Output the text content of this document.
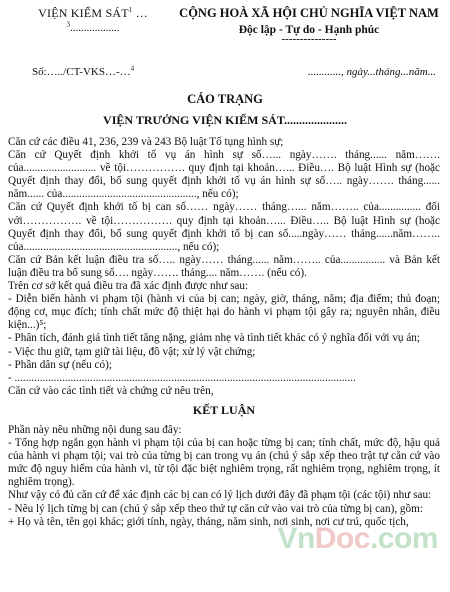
VIỆN KIỂM SÁT$^1$ …
$^3$..................
CỘNG HOÀ XÃ HỘI CHỦ NGHĨA VIỆT NAM
Độc lập - Tự do - Hạnh phúc
---------------
Số:…../CT-VKS…-…$^4$	............, ngày...tháng...năm...
CÁO TRẠNG
VIỆN TRƯỞNG VIỆN KIỂM SÁT.....................

Căn cứ các điều 41, 236, 239 và 243 Bộ luật Tố tụng hình sự;

Căn cứ Quyết định khởi tố vụ án hình sự số…... ngày……. tháng...... năm……. của.......................... về tội……………. quy định tại khoản…... Điều…. Bộ luật Hình sự (hoặc Quyết định thay đổi, bổ sung quyết định khởi tố vụ án hình sự số….. ngày……. tháng...... năm...... của................................................, nếu có);

Căn cứ Quyết định khởi tố bị can số…… ngày…… tháng…... năm…….. của............... đối với……………. về tội……………. quy định tại khoản…... Điều….. Bộ luật Hình sự (hoặc Quyết định thay đổi, bổ sung quyết định khởi tố bị can số.....ngày…… tháng......năm…….. của......................................................., nếu có);

Căn cứ Bản kết luận điều tra số….. ngày…… tháng...... năm…….. của................ và Bản kết luận điều tra bổ sung số…. ngày……. tháng.... năm……. (nếu có).

Trên cơ sở kết quả điều tra đã xác định được như sau:

- Diễn biến hành vi phạm tội (hành vi của bị can; ngày, giờ, tháng, năm; địa điểm; thủ đoạn; động cơ, mục đích; tính chất mức độ thiệt hại do hành vi phạm tội gây ra; nguyên nhân, điều kiện...)⁵;

- Phân tích, đánh giá tình tiết tăng nặng, giảm nhẹ và tình tiết khác có ý nghĩa đối với vụ án;

- Việc thu giữ, tạm giữ tài liệu, đồ vật; xử lý vật chứng;

- Phần dân sự (nếu có);

- ..........................................................................................................................

Căn cứ vào các tình tiết và chứng cứ nêu trên,

KẾT LUẬN

Phần này nêu những nội dung sau đây:

- Tổng hợp ngắn gọn hành vi phạm tội của bị can hoặc từng bị can; tính chất, mức độ, hậu quả của hành vi phạm tội; vai trò của từng bị can trong vụ án (chú ý sắp xếp theo trật tự căn cứ vào mức độ nguy hiểm của hành vi, từ tội đặc biệt nghiêm trọng, rất nghiêm trọng, nghiêm trọng, ít nghiêm trọng).

Như vậy có đủ căn cứ để xác định các bị can có lý lịch dưới đây đã phạm tội (các tội) như sau:

- Nêu lý lịch từng bị can (chú ý sắp xếp theo thứ tự căn cứ vào vai trò của từng bị can), gồm:

+ Họ và tên, tên gọi khác; giới tính, ngày, tháng, năm sinh, nơi sinh, nơi cư trú, quốc tịch,

VnDoc.com
